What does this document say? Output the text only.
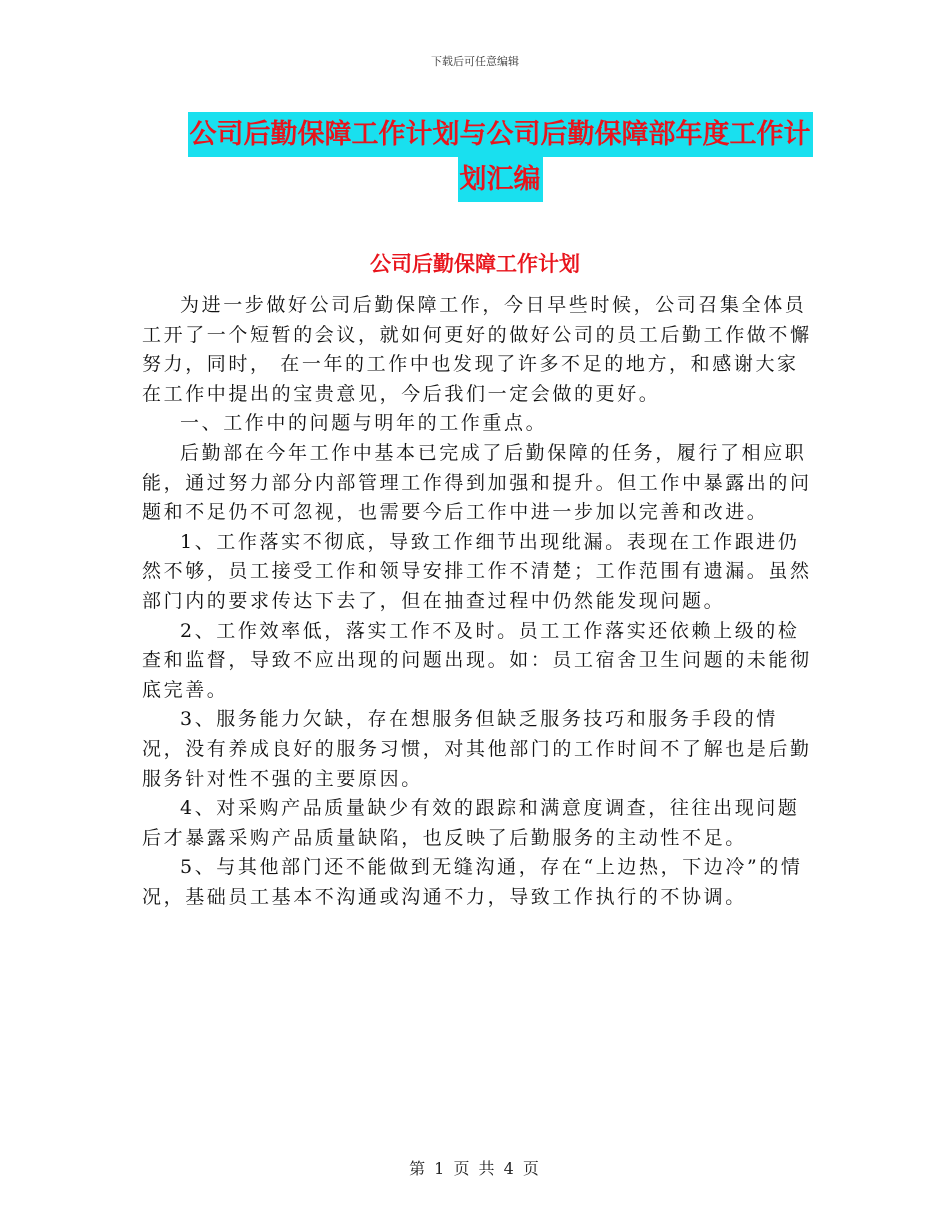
下载后可任意编辑
公司后勤保障工作计划与公司后勤保障部年度工作计
划汇编
公司后勤保障工作计划

为进一步做好公司后勤保障工作，今日早些时候，公司召集全体员工开了一个短暂的会议，就如何更好的做好公司的员工后勤工作做不懈努力，同时， 在一年的工作中也发现了许多不足的地方，和感谢大家在工作中提出的宝贵意见，今后我们一定会做的更好。

一、工作中的问题与明年的工作重点。

后勤部在今年工作中基本已完成了后勤保障的任务，履行了相应职能，通过努力部分内部管理工作得到加强和提升。但工作中暴露出的问题和不足仍不可忽视，也需要今后工作中进一步加以完善和改进。

1、工作落实不彻底，导致工作细节出现纰漏。表现在工作跟进仍然不够，员工接受工作和领导安排工作不清楚；工作范围有遗漏。虽然部门内的要求传达下去了，但在抽查过程中仍然能发现问题。

2、工作效率低，落实工作不及时。员工工作落实还依赖上级的检查和监督，导致不应出现的问题出现。如：员工宿舍卫生问题的未能彻底完善。

3、服务能力欠缺，存在想服务但缺乏服务技巧和服务手段的情况，没有养成良好的服务习惯，对其他部门的工作时间不了解也是后勤服务针对性不强的主要原因。

4、对采购产品质量缺少有效的跟踪和满意度调查，往往出现问题后才暴露采购产品质量缺陷，也反映了后勤服务的主动性不足。

5、与其他部门还不能做到无缝沟通，存在“上边热，下边冷”的情况，基础员工基本不沟通或沟通不力，导致工作执行的不协调。

第 1 页 共 4 页
